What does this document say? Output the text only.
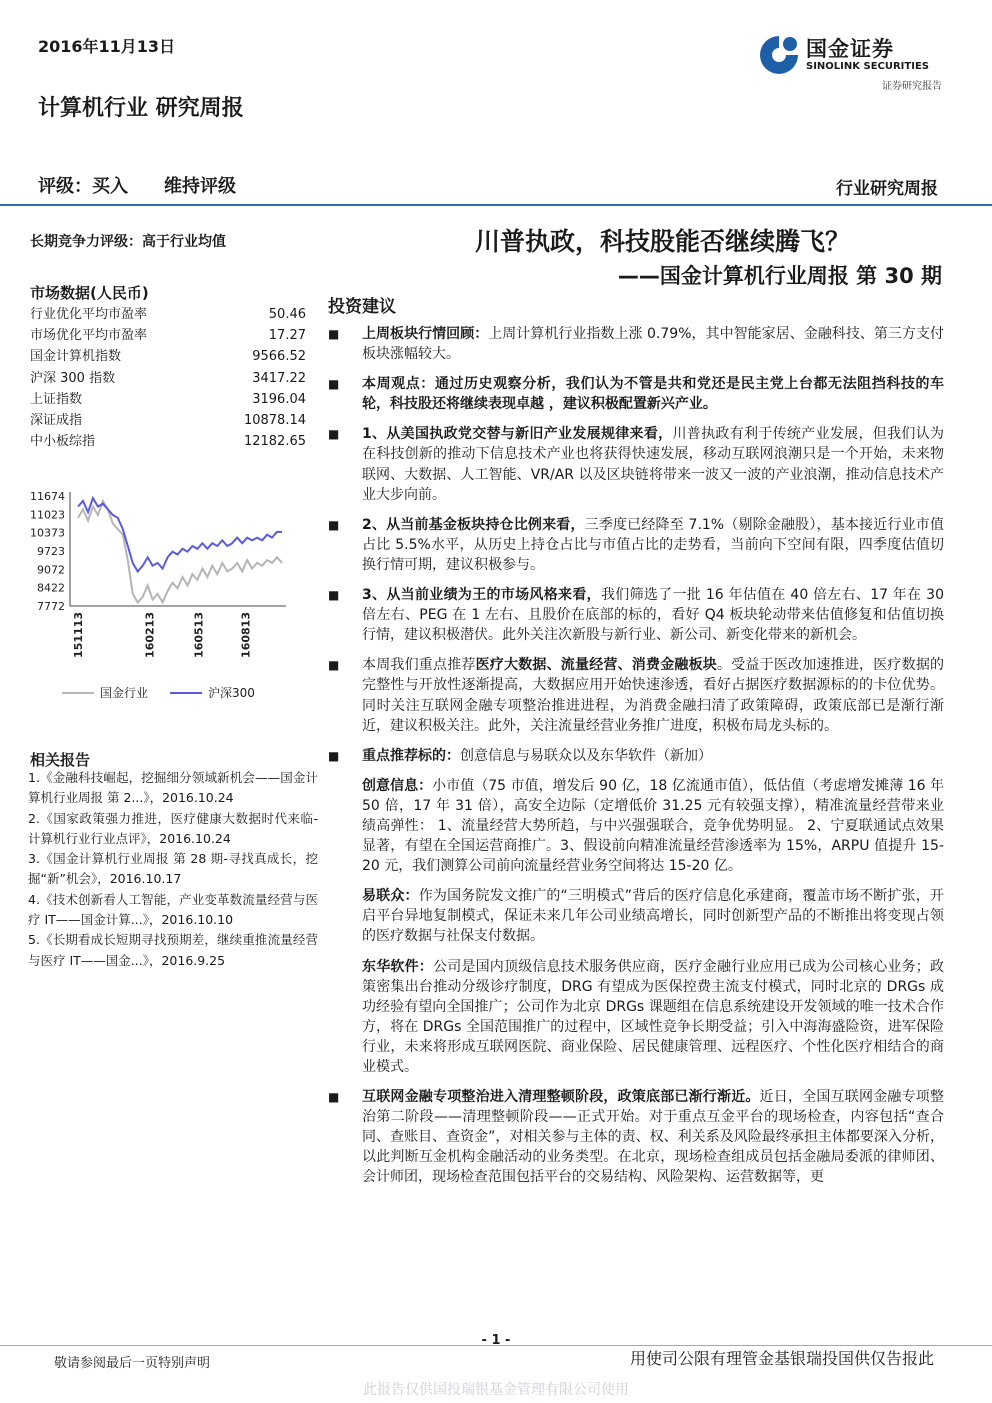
2016年11月13日	国金证券
SINOLINK SECURITIES
证券研究报告
计算机行业 研究周报
评级：买入 维持评级	行业研究周报
长期竞争力评级：高于行业均值
市场数据(人民币)
行业优化平均市盈率	50.46
市场优化平均市盈率	17.27
国金计算机指数	9566.52
沪深 300 指数	3417.22
上证指数	3196.04
深证成指	10878.14
中小板综指	12182.65
11674
11023
10373
9723
9072
8422
7772
151113	160213	160513	160813
国金行业	沪深300
相关报告

1.《金融科技崛起，挖掘细分领域新机会——国金计算机行业周报 第 2...》，2016.10.24

2.《国家政策强力推进，医疗健康大数据时代来临-计算机行业行业点评》，2016.10.24

3.《国金计算机行业周报 第 28 期-寻找真成长，挖掘“新”机会》，2016.10.17

4.《技术创新看人工智能，产业变革数流量经营与医疗 IT——国金计算...》，2016.10.10

5.《长期看成长短期寻找预期差，继续重推流量经营与医疗 IT——国金...》，2016.9.25

川普执政，科技股能否继续腾飞？
——国金计算机行业周报 第 30 期
投资建议
■	上周板块行情回顾：上周计算机行业指数上涨 0.79%，其中智能家居、金融科技、第三方支付板块涨幅较大。
■	本周观点：通过历史观察分析，我们认为不管是共和党还是民主党上台都无法阻挡科技的车轮，科技股还将继续表现卓越 ，建议积极配置新兴产业。
■	1、从美国执政党交替与新旧产业发展规律来看，川普执政有利于传统产业发展，但我们认为在科技创新的推动下信息技术产业也将获得快速发展，移动互联网浪潮只是一个开始，未来物联网、大数据、人工智能、VR/AR 以及区块链将带来一波又一波的产业浪潮，推动信息技术产业大步向前。
■	2、从当前基金板块持仓比例来看，三季度已经降至 7.1%（剔除金融股），基本接近行业市值占比 5.5%水平，从历史上持仓占比与市值占比的走势看，当前向下空间有限，四季度估值切换行情可期，建议积极参与。
■	3、从当前业绩为王的市场风格来看，我们筛选了一批 16 年估值在 40 倍左右、17 年在 30 倍左右、PEG 在 1 左右、且股价在底部的标的，看好 Q4 板块轮动带来估值修复和估值切换行情，建议积极潜伏。此外关注次新股与新行业、新公司、新变化带来的新机会。
■	本周我们重点推荐医疗大数据、流量经营、消费金融板块。受益于医改加速推进，医疗数据的完整性与开放性逐渐提高，大数据应用开始快速渗透，看好占据医疗数据源标的的卡位优势。同时关注互联网金融专项整治推进进程，为消费金融扫清了政策障碍，政策底部已是渐行渐近，建议积极关注。此外，关注流量经营业务推广进度，积极布局龙头标的。
■	重点推荐标的：创意信息与易联众以及东华软件（新加）
创意信息：小市值（75 市值，增发后 90 亿，18 亿流通市值），低估值（考虑增发摊薄 16 年 50 倍，17 年 31 倍），高安全边际（定增低价 31.25 元有较强支撑），精准流量经营带来业绩高弹性： 1、流量经营大势所趋，与中兴强强联合，竞争优势明显。 2、宁夏联通试点效果显著，有望在全国运营商推广。3、假设前向精准流量经营渗透率为 15%，ARPU 值提升 15-20 元，我们测算公司前向流量经营业务空间将达 15-20 亿。
易联众：作为国务院发文推广的“三明模式”背后的医疗信息化承建商，覆盖市场不断扩张，开启平台异地复制模式，保证未来几年公司业绩高增长，同时创新型产品的不断推出将变现占领的医疗数据与社保支付数据。
东华软件：公司是国内顶级信息技术服务供应商，医疗金融行业应用已成为公司核心业务；政策密集出台推动分级诊疗制度，DRG 有望成为医保控费主流支付模式，同时北京的 DRGs 成功经验有望向全国推广；公司作为北京 DRGs 课题组在信息系统建设开发领域的唯一技术合作方，将在 DRGs 全国范围推广的过程中，区域性竞争长期受益；引入中海海盛险资，进军保险行业，未来将形成互联网医院、商业保险、居民健康管理、远程医疗、个性化医疗相结合的商业模式。
■	互联网金融专项整治进入清理整顿阶段，政策底部已渐行渐近。近日，全国互联网金融专项整治第二阶段——清理整顿阶段——正式开始。对于重点互金平台的现场检查，内容包括“查合同、查账目、查资金”，对相关参与主体的责、权、利关系及风险最终承担主体都要深入分析，以此判断互金机构金融活动的业务类型。在北京，现场检查组成员包括金融局委派的律师团、会计师团，现场检查范围包括平台的交易结构、风险架构、运营数据等，更
- 1 -
敬请参阅最后一页特别声明	用使司公限有理管金基银瑞投国供仅告报此
此报告仅供国投瑞银基金管理有限公司使用
